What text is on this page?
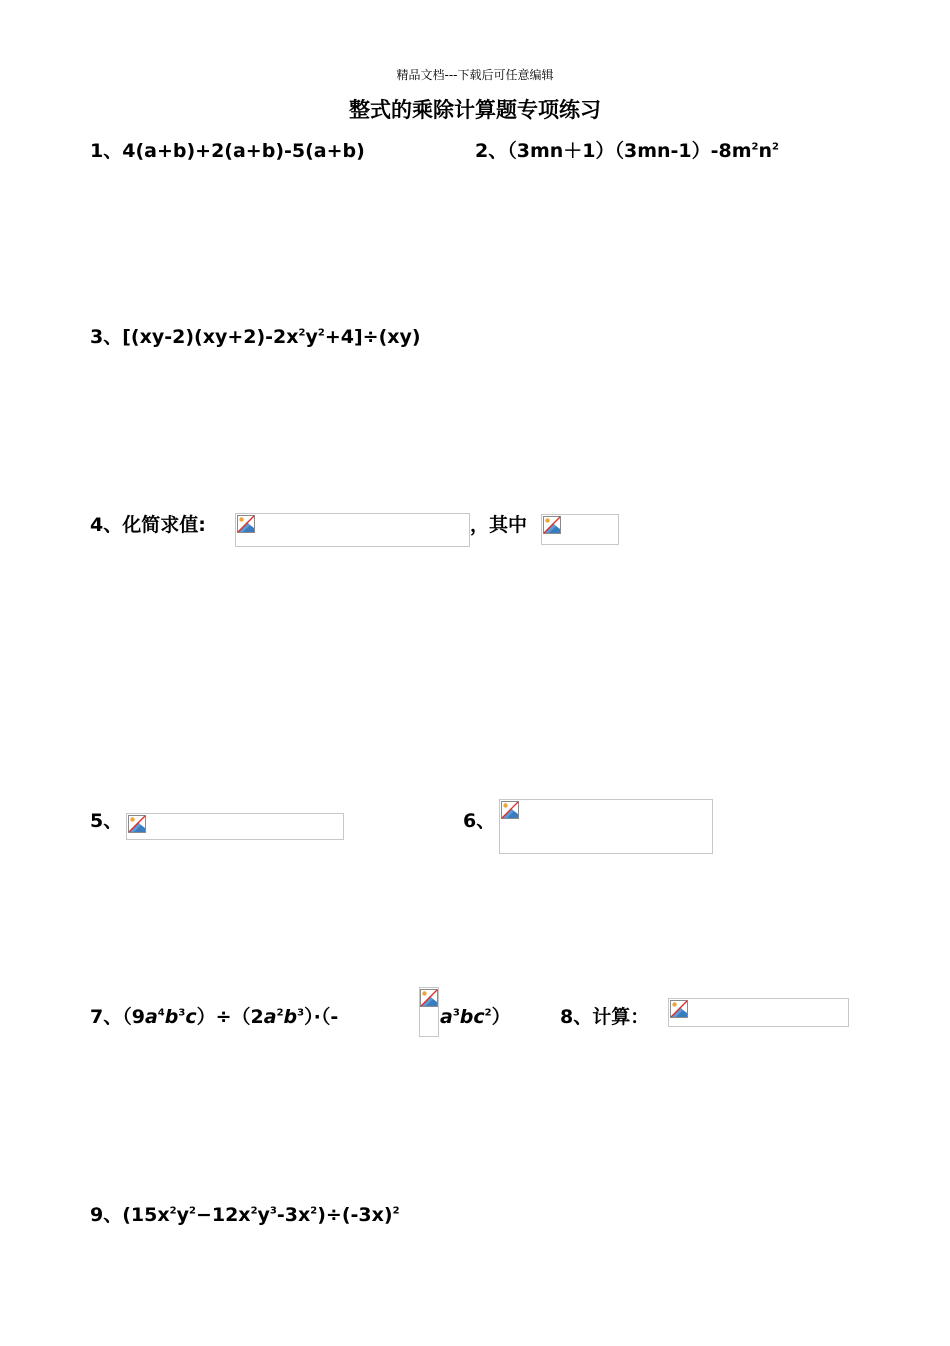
精品文档---下载后可任意编辑
整式的乘除计算题专项练习
1、4(a+b)+2(a+b)-5(a+b)	2、$(3mn+1)(3mn-1)-8m^2n^2$
3、$[(xy-2)(xy+2)-2x^2y^2+4]\div(xy)$
4、化简求值:	，其中
5、	6、
7、$(9a^4b^3c)\div(2a^2b^3)\cdot(-$	$a^3bc^2$）	8、计算：
9、$(15x^2y^2-12x^2y^3-3x^2)\div(-3x)^2$
